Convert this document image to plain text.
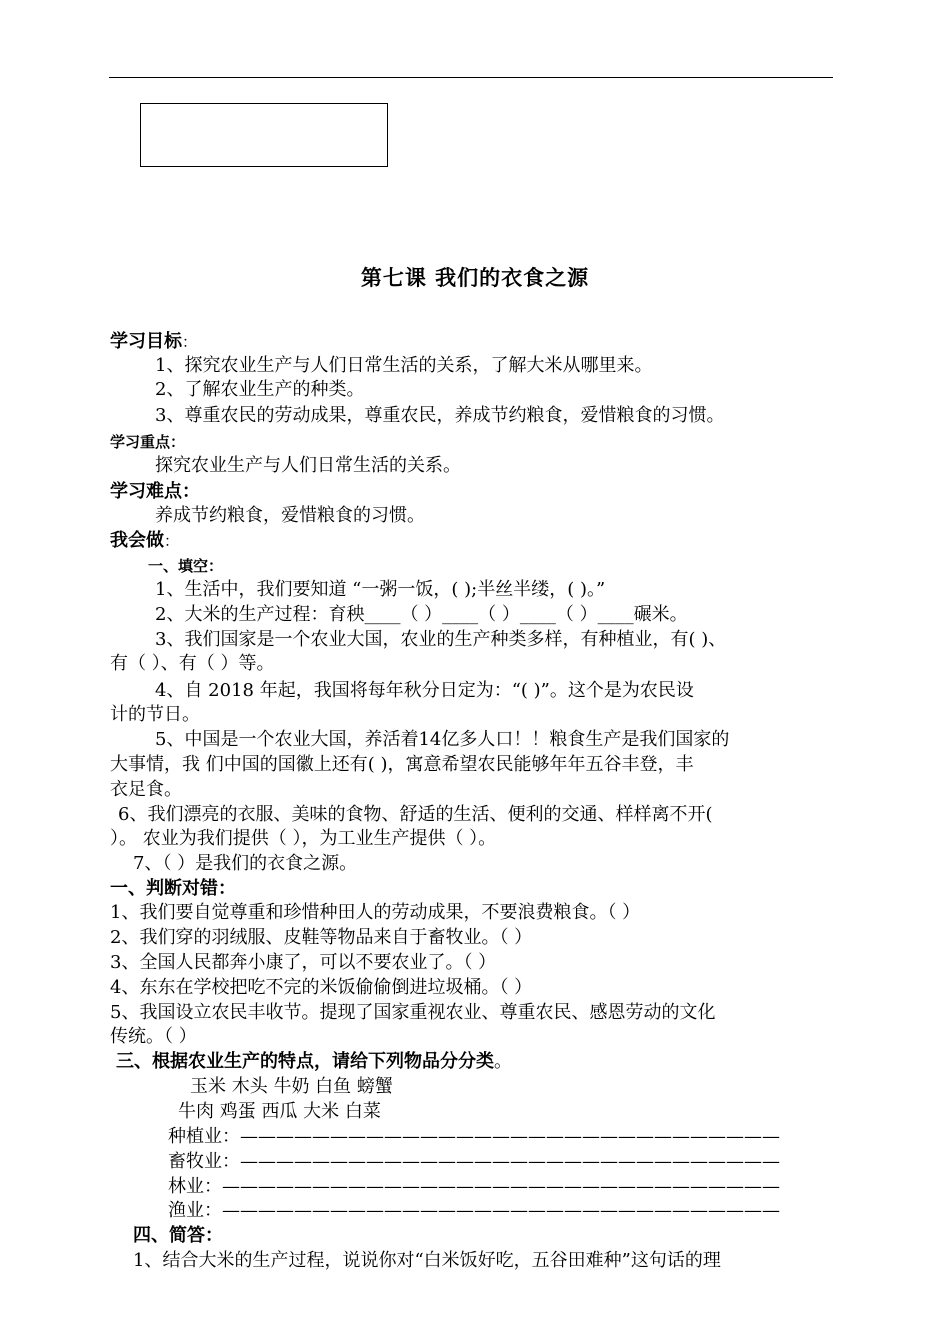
第七课 我们的衣食之源
学习目标：
1、探究农业生产与人们日常生活的关系，了解大米从哪里来。
2、了解农业生产的种类。
3、尊重农民的劳动成果，尊重农民，养成节约粮食，爱惜粮食的习惯。
学习重点：
探究农业生产与人们日常生活的关系。
学习难点：
养成节约粮食，爱惜粮食的习惯。
我会做：
一、填空：
1、生活中，我们要知道 “一粥一饭，( );半丝半缕，( )。”
2、大米的生产过程：育秧____（ ）____（ ）____（ ）____碾米。
3、我们国家是一个农业大国，农业的生产种类多样，有种植业，有( )、
有（ ）、有（ ）等。
4、自 2018 年起，我国将每年秋分日定为：“( )”。这个是为农民设
计的节日。
5、中国是一个农业大国，养活着14亿多人口！！粮食生产是我们国家的
大事情，我 们中国的国徽上还有( )，寓意希望农民能够年年五谷丰登，丰
衣足食。
6、我们漂亮的衣服、美味的食物、舒适的生活、便利的交通、样样离不开(
）。 农业为我们提供（ ），为工业生产提供（ ）。
7、（ ）是我们的衣食之源。
一、判断对错：
1、我们要自觉尊重和珍惜种田人的劳动成果，不要浪费粮食。（ ）
2、我们穿的羽绒服、皮鞋等物品来自于畜牧业。（ ）
3、全国人民都奔小康了，可以不要农业了。（ ）
4、东东在学校把吃不完的米饭偷偷倒进垃圾桶。（ ）
5、我国设立农民丰收节。提现了国家重视农业、尊重农民、感恩劳动的文化
传统。（ ）
三、根据农业生产的特点，请给下列物品分分类。
玉米 木头 牛奶 白鱼 螃蟹
牛肉 鸡蛋 西瓜 大米 白菜
种植业：——————————————————————————————
畜牧业：——————————————————————————————
林业：———————————————————————————————
渔业：———————————————————————————————
四、简答：
1、结合大米的生产过程，说说你对“白米饭好吃，五谷田难种”这句话的理
